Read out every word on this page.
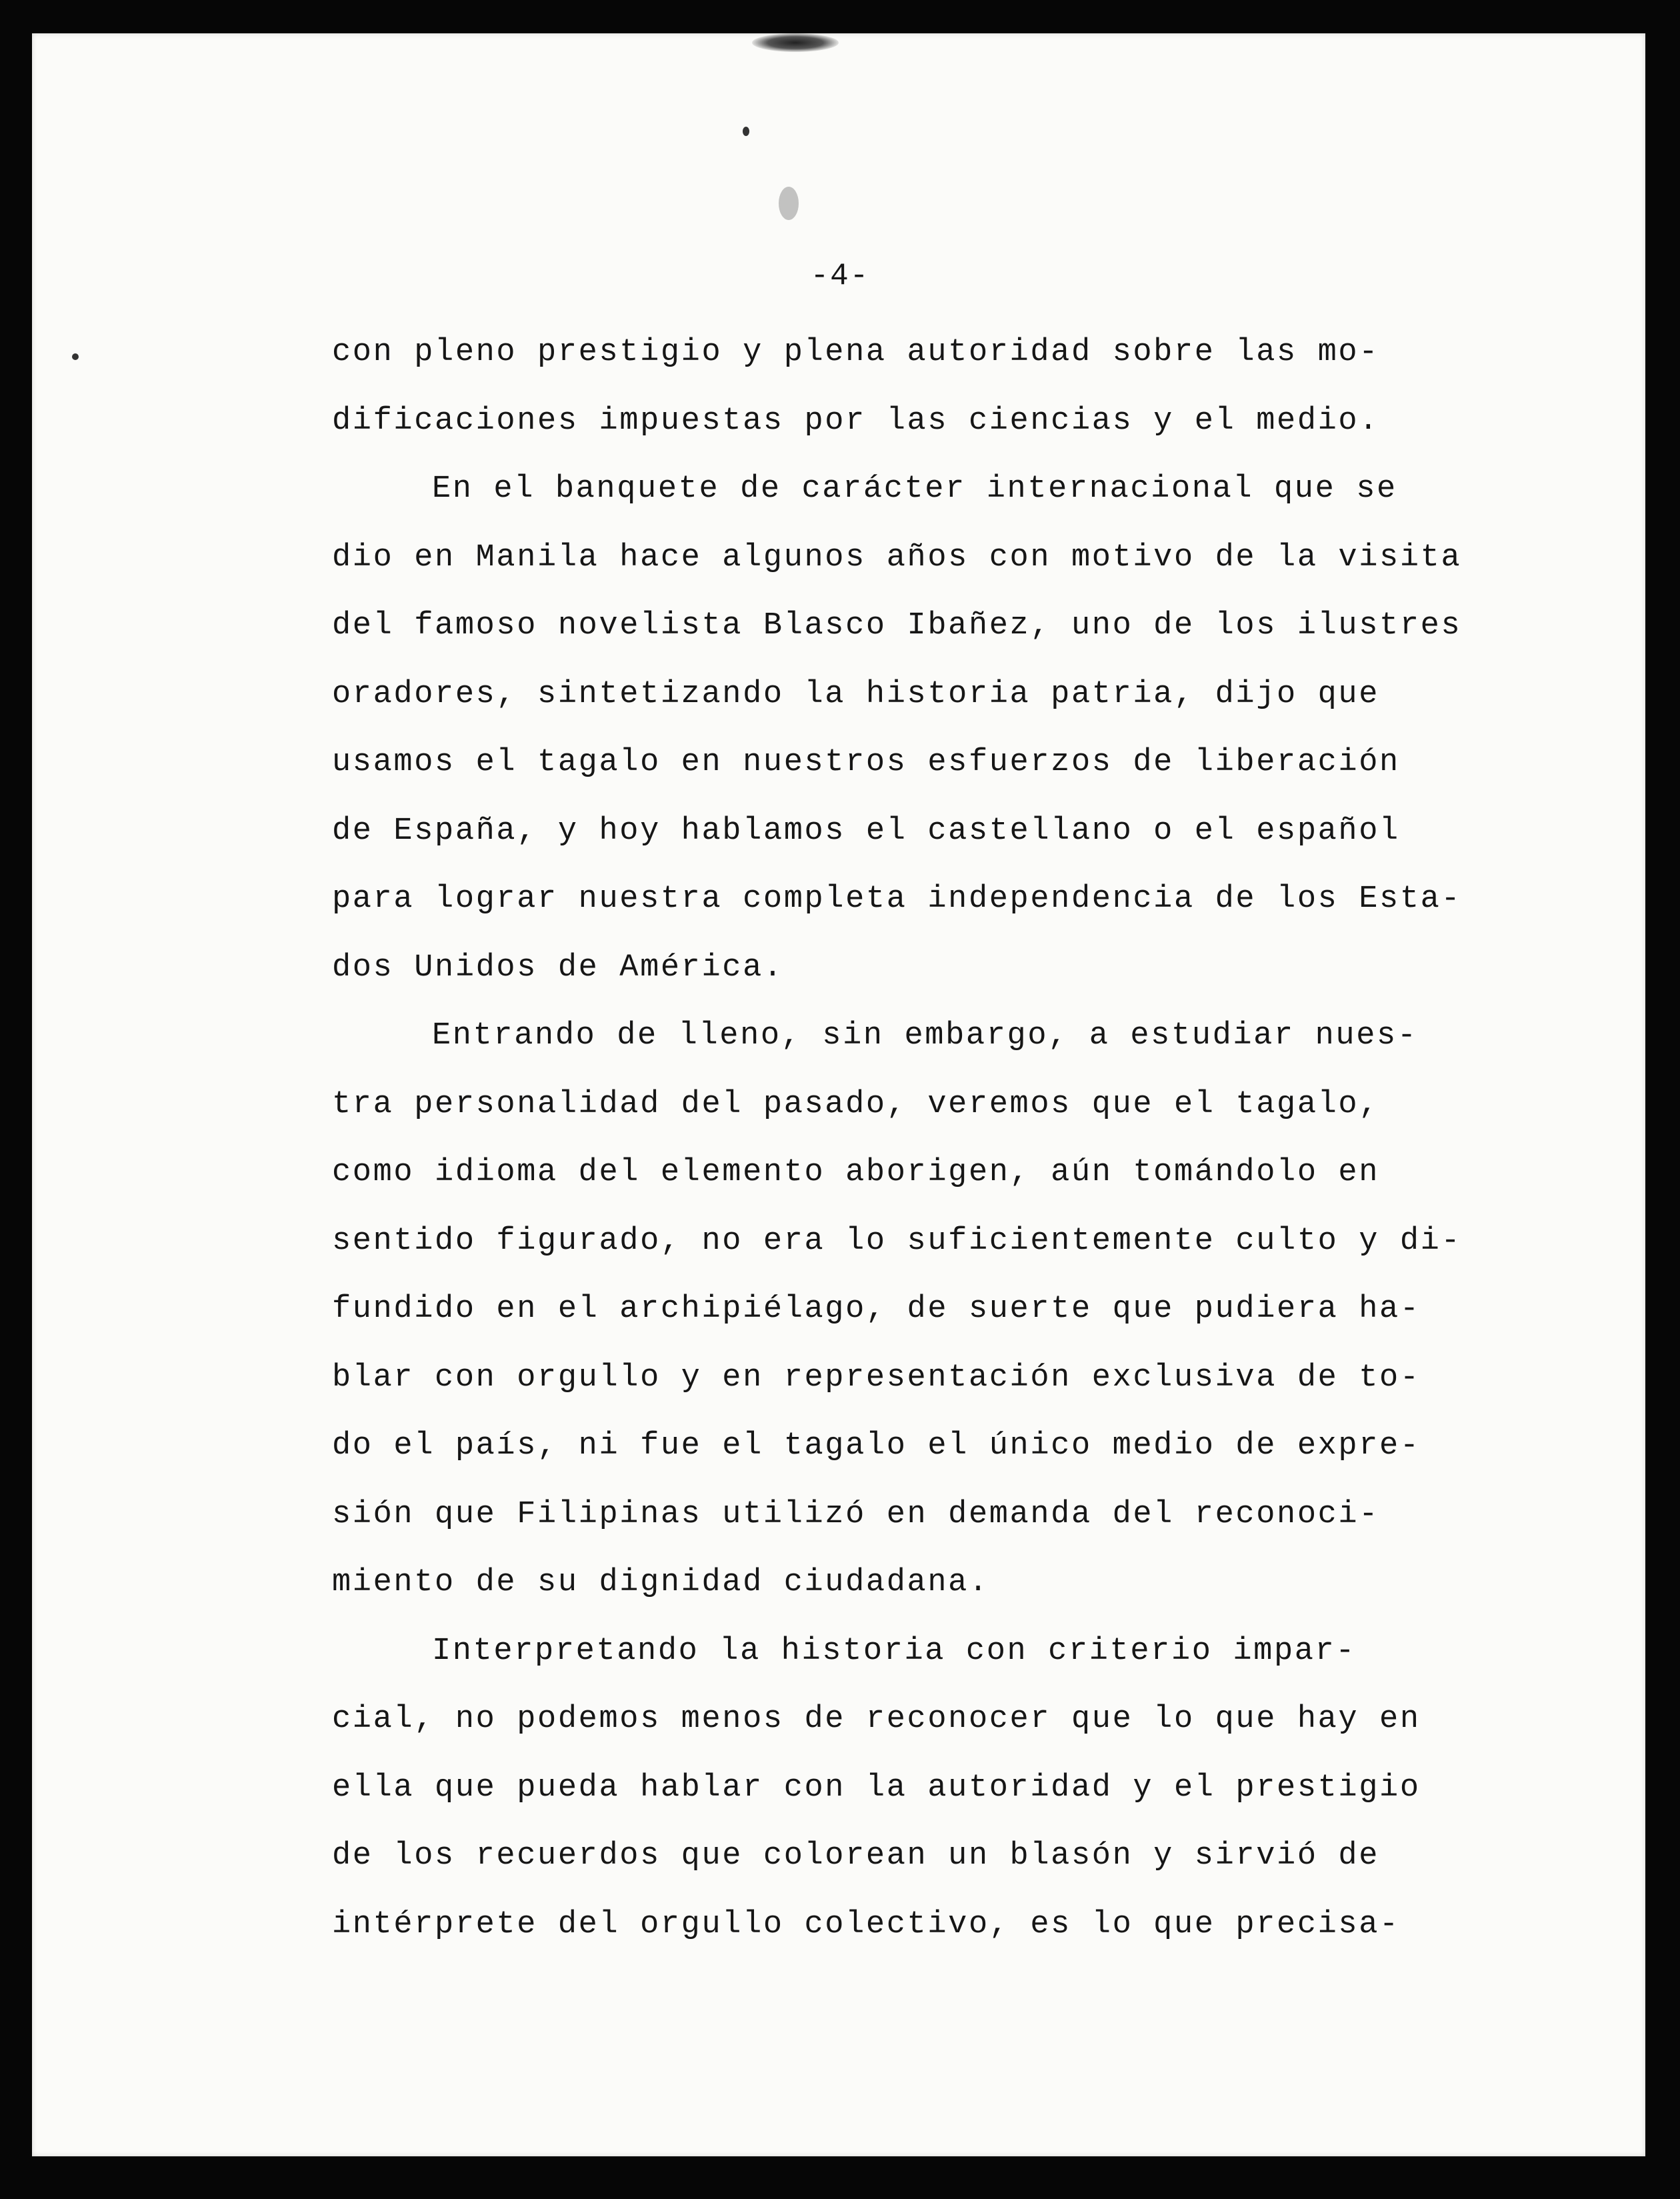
-4-
con pleno prestigio y plena autoridad sobre las mo-
dificaciones impuestas por las ciencias y el medio.
En el banquete de carácter internacional que se
dio en Manila hace algunos años con motivo de la visita
del famoso novelista Blasco Ibañez, uno de los ilustres
oradores, sintetizando la historia patria, dijo que
usamos el tagalo en nuestros esfuerzos de liberación
de España, y hoy hablamos el castellano o el español
para lograr nuestra completa independencia de los Esta-
dos Unidos de América.
Entrando de lleno, sin embargo, a estudiar nues-
tra personalidad del pasado, veremos que el tagalo,
como idioma del elemento aborigen, aún tomándolo en
sentido figurado, no era lo suficientemente culto y di-
fundido en el archipiélago, de suerte que pudiera ha-
blar con orgullo y en representación exclusiva de to-
do el país, ni fue el tagalo el único medio de expre-
sión que Filipinas utilizó en demanda del reconoci-
miento de su dignidad ciudadana.
Interpretando la historia con criterio impar-
cial, no podemos menos de reconocer que lo que hay en
ella que pueda hablar con la autoridad y el prestigio
de los recuerdos que colorean un blasón y sirvió de
intérprete del orgullo colectivo, es lo que precisa-
